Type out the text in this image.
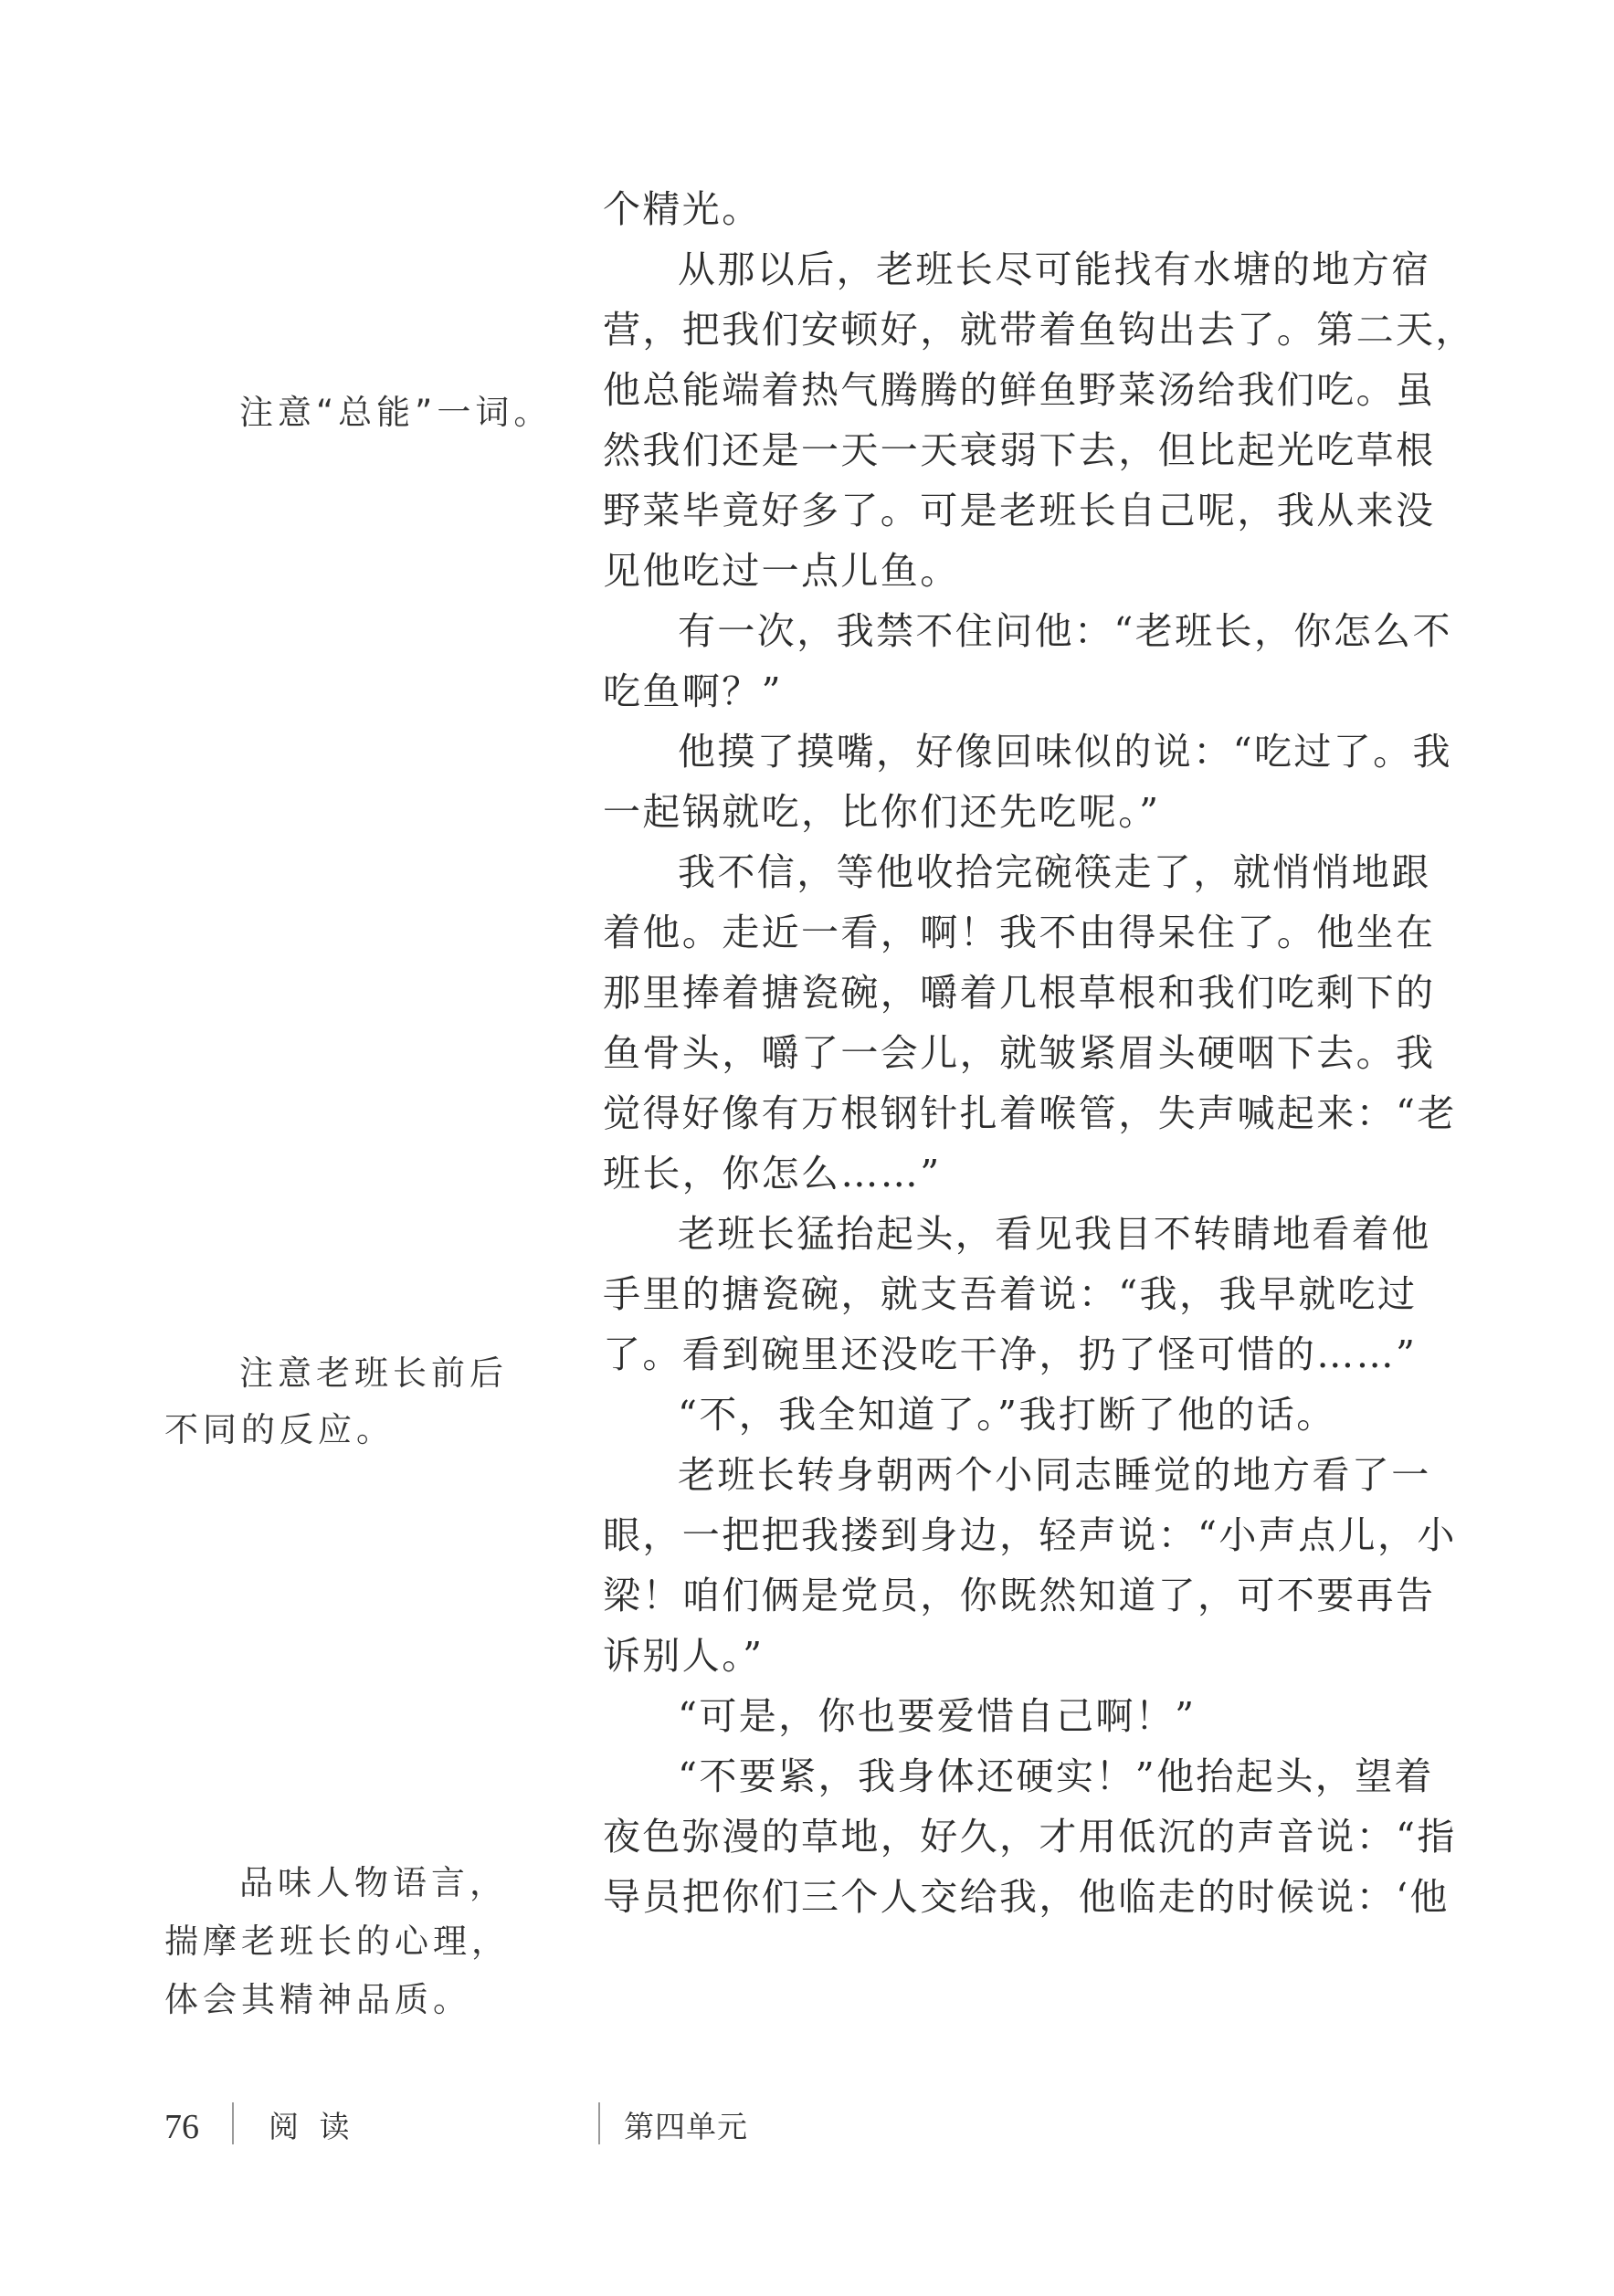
个精光。
从那以后，老班长尽可能找有水塘的地方宿
营，把我们安顿好，就带着鱼钩出去了。第二天，
他总能端着热气腾腾的鲜鱼野菜汤给我们吃。虽
然我们还是一天一天衰弱下去，但比起光吃草根
野菜毕竟好多了。可是老班长自己呢，我从来没
见他吃过一点儿鱼。
有一次，我禁不住问他：“老班长，你怎么不
吃鱼啊？”
他摸了摸嘴，好像回味似的说：“吃过了。我
一起锅就吃，比你们还先吃呢。”
我不信，等他收拾完碗筷走了，就悄悄地跟
着他。走近一看，啊！我不由得呆住了。他坐在
那里捧着搪瓷碗，嚼着几根草根和我们吃剩下的
鱼骨头，嚼了一会儿，就皱紧眉头硬咽下去。我
觉得好像有万根钢针扎着喉管，失声喊起来：“老
班长，你怎么……”
老班长猛抬起头，看见我目不转睛地看着他
手里的搪瓷碗，就支吾着说：“我，我早就吃过
了。看到碗里还没吃干净，扔了怪可惜的……”
“不，我全知道了。”我打断了他的话。
老班长转身朝两个小同志睡觉的地方看了一
眼，一把把我搂到身边，轻声说：“小声点儿，小
梁！咱们俩是党员，你既然知道了，可不要再告
诉别人。”
“可是，你也要爱惜自己啊！”
“不要紧，我身体还硬实！”他抬起头，望着
夜色弥漫的草地，好久，才用低沉的声音说：“指
导员把你们三个人交给我，他临走的时候说：‘他
注意“总能”一词。
注意老班长前后
不同的反应。
品味人物语言，
揣摩老班长的心理，
体会其精神品质。
76 阅 读	第四单元
